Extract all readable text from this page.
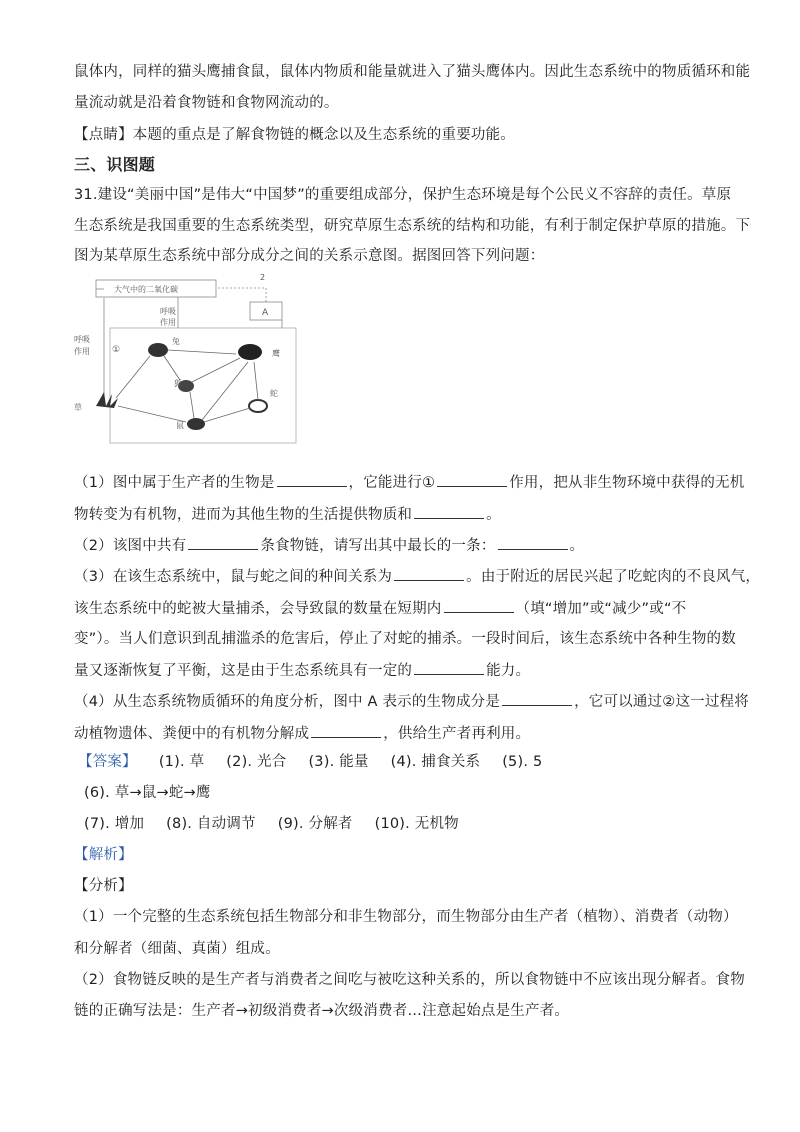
鼠体内，同样的猫头鹰捕食鼠，鼠体内物质和能量就进入了猫头鹰体内。因此生态系统中的物质循环和能
量流动就是沿着食物链和食物网流动的。
【点睛】本题的重点是了解食物链的概念以及生态系统的重要功能。
三、识图题
31.建设“美丽中国”是伟大“中国梦”的重要组成部分，保护生态环境是每个公民义不容辞的责任。草原
生态系统是我国重要的生态系统类型，研究草原生态系统的结构和功能，有利于制定保护草原的措施。下
图为某草原生态系统中部分成分之间的关系示意图。据图回答下列问题：
大气中的二氧化碳
A
2
呼吸
作用
呼吸
作用 ①
兔
鹰
狐
蛇
鼠
草
（1）图中属于生产者的生物是	，它能进行①	作用，把从非生物环境中获得的无机
物转变为有机物，进而为其他生物的生活提供物质和	。
（2）该图中共有	条食物链，请写出其中最长的一条：	。
（3）在该生态系统中，鼠与蛇之间的种间关系为	。由于附近的居民兴起了吃蛇肉的不良风气，
该生态系统中的蛇被大量捕杀，会导致鼠的数量在短期内	（填“增加”或“减少”或“不
变”）。当人们意识到乱捕滥杀的危害后，停止了对蛇的捕杀。一段时间后，该生态系统中各种生物的数
量又逐渐恢复了平衡，这是由于生态系统具有一定的	能力。
（4）从生态系统物质循环的角度分析，图中 A 表示的生物成分是	，它可以通过②这一过程将
动植物遗体、粪便中的有机物分解成	，供给生产者再利用。
【答案】 (1). 草 (2). 光合 (3). 能量 (4). 捕食关系 (5). 5
(6). 草→鼠→蛇→鹰
(7). 增加 (8). 自动调节 (9). 分解者 (10). 无机物
【解析】
【分析】
（1）一个完整的生态系统包括生物部分和非生物部分，而生物部分由生产者（植物）、消费者（动物）
和分解者（细菌、真菌）组成。
（2）食物链反映的是生产者与消费者之间吃与被吃这种关系的，所以食物链中不应该出现分解者。食物
链的正确写法是：生产者→初级消费者→次级消费者…注意起始点是生产者。
